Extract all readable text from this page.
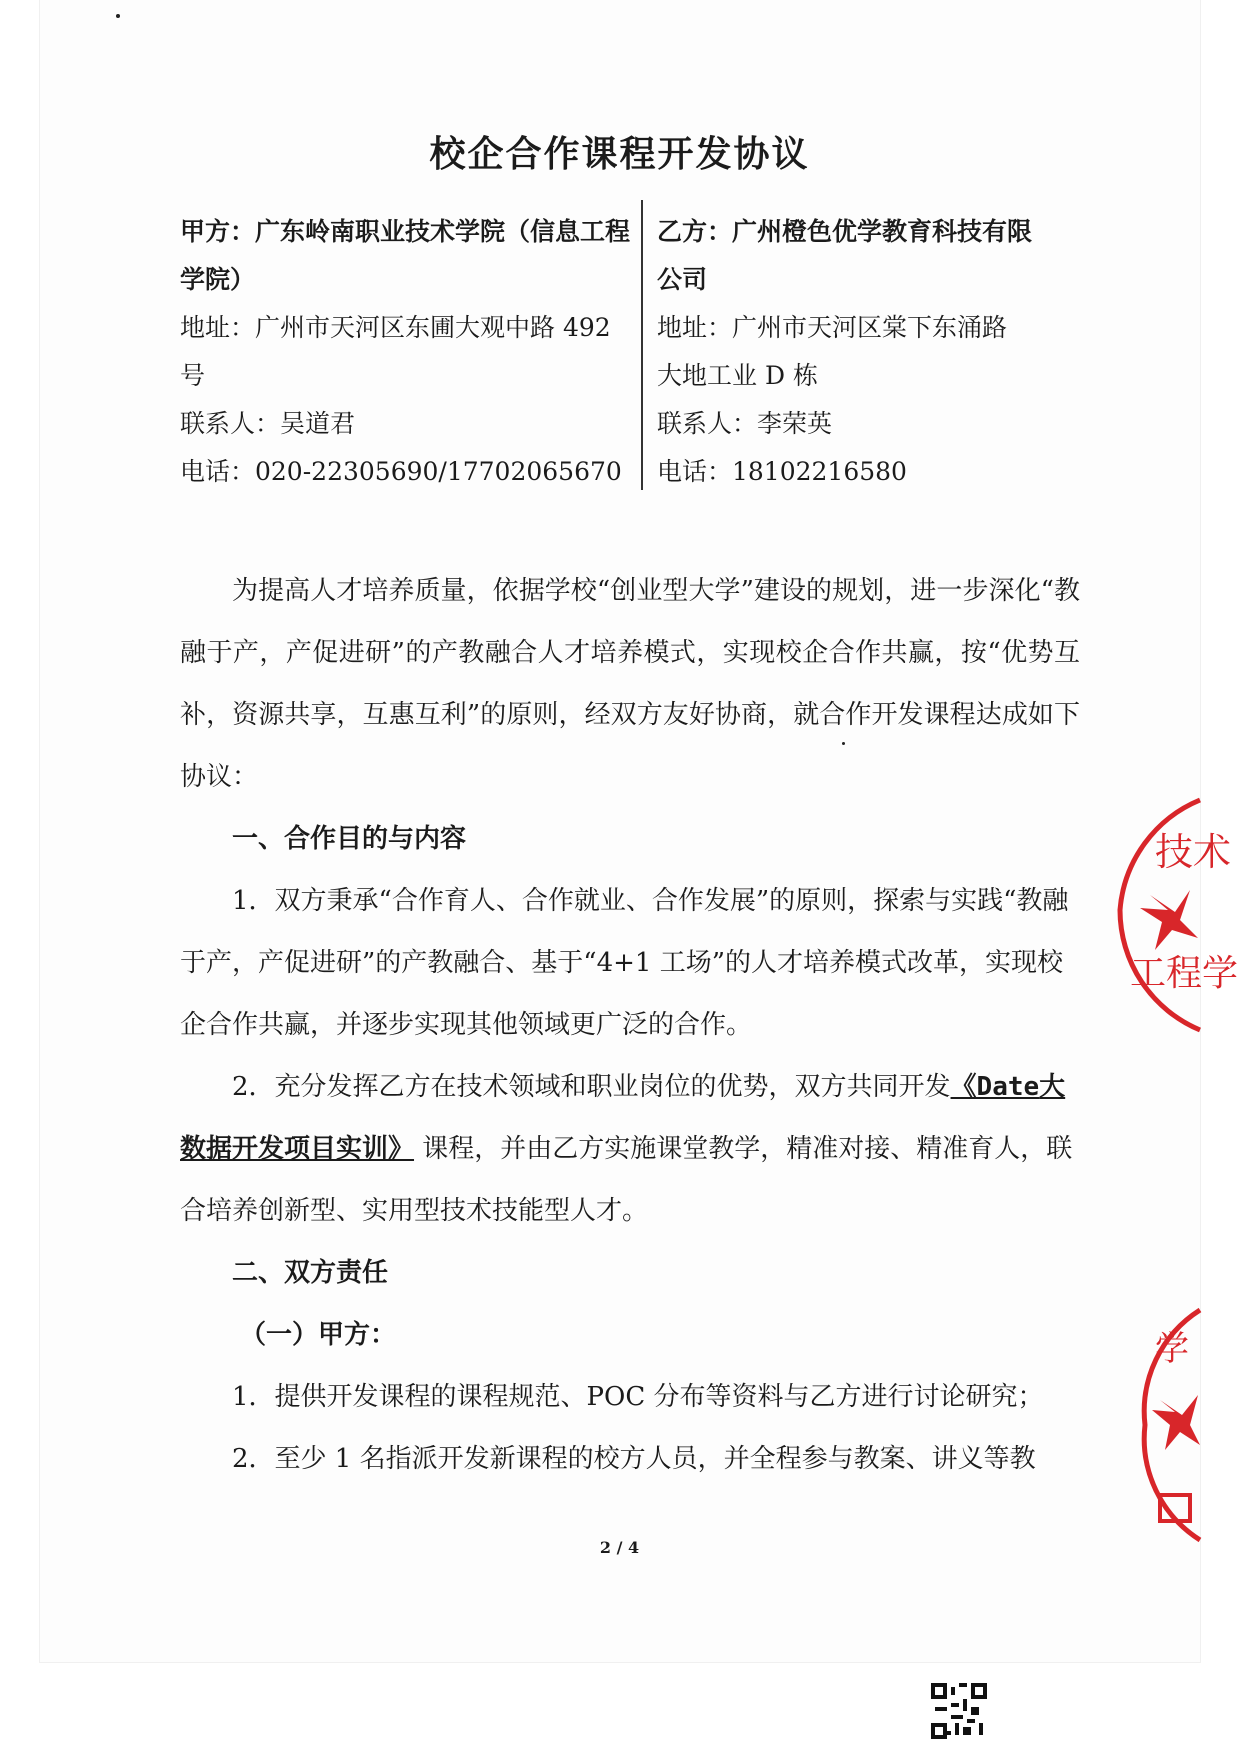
校企合作课程开发协议
甲方：广东岭南职业技术学院（信息工程
学院）
地址：广州市天河区东圃大观中路 492
号
联系人：吴道君
电话：020-22305690/17702065670
乙方：广州橙色优学教育科技有限
公司
地址：广州市天河区棠下东涌路
大地工业 D 栋
联系人：李荣英
电话：18102216580

为提高人才培养质量，依据学校“创业型大学”建设的规划，进一步深化“教融于产，产促进研”的产教融合人才培养模式，实现校企合作共赢，按“优势互补，资源共享，互惠互利”的原则，经双方友好协商，就合作开发课程达成如下协议：

一、合作目的与内容

1．双方秉承“合作育人、合作就业、合作发展”的原则，探索与实践“教融于产，产促进研”的产教融合、基于“4+1 工场”的人才培养模式改革，实现校企合作共赢，并逐步实现其他领域更广泛的合作。

2．充分发挥乙方在技术领域和职业岗位的优势，双方共同开发《Date大数据开发项目实训》 课程，并由乙方实施课堂教学，精准对接、精准育人，联合培养创新型、实用型技术技能型人才。

二、双方责任

（一）甲方：

1．提供开发课程的课程规范、POC 分布等资料与乙方进行讨论研究；

2．至少 1 名指派开发新课程的校方人员，并全程参与教案、讲义等教

2 / 4
技术
工程学
学
